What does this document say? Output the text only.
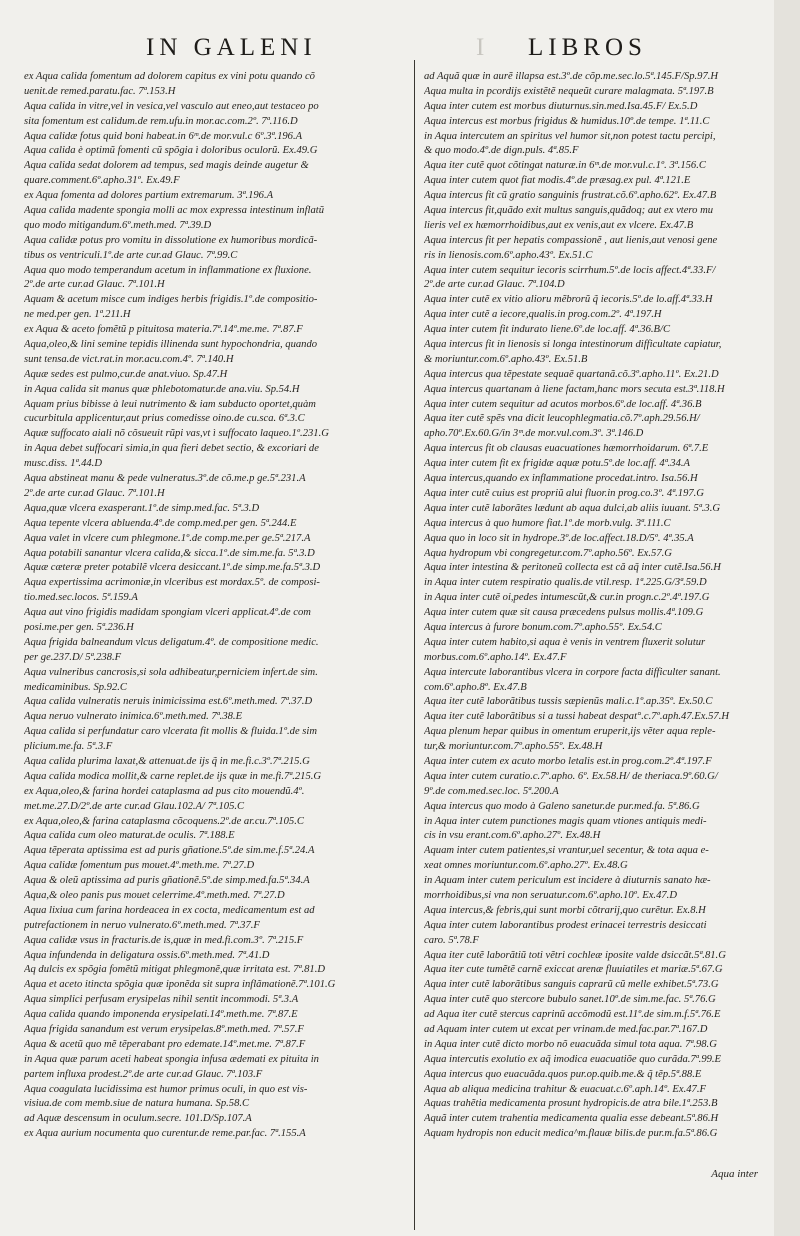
IN GALENI	I LIBROS
ex Aqua calida fomentum ad dolorem capitus ex vini potu quando cõ
uenit.de remed.paratu.fac. 7ª.153.H
Aqua calida in vitre,vel in vesica,vel vasculo aut eneo,aut testaceo po
sita fomentum est calidum.de rem.ufu.in mor.ac.com.2º. 7ª.116.D
Aqua calidæ fotus quid boni habeat.in 6ᵐ.de mor.vul.c 6º.3ª.196.A
Aqua calida è optimũ fomenti cũ spõgia ì doloribus oculorũ. Ex.49.G
Aqua calida sedat dolorem ad tempus, sed magis deinde augetur &
quare.comment.6º.apho.31º. Ex.49.F
ex Aqua fomenta ad dolores partium extremarum. 3ª.196.A
Aqua calida madente spongia molli ac mox expressa intestinum inflatũ
quo modo mitigandum.6º.meth.med. 7ª.39.D
Aqua calidæ potus pro vomitu in dissolutione ex humoribus mordicã-
tibus os ventriculi.1º.de arte cur.ad Glauc. 7ª.99.C
Aqua quo modo temperandum acetum in inflammatione ex fluxione.
2º.de arte cur.ad Glauc. 7ª.101.H
Aquam & acetum misce cum indiges herbis frigidis.1º.de compositio-
ne med.per gen. 1ª.211.H
ex Aqua & aceto fomẽtũ p pituitosa materia.7ª.14º.me.me. 7ª.87.F
Aqua,oleo,& lini semine tepidis illinenda sunt hypochondria, quando
sunt tensa.de vict.rat.in mor.acu.com.4º. 7ª.140.H
Aquæ sedes est pulmo,cur.de anat.viuo. Sp.47.H
in Aqua calida sit manus quæ phlebotomatur.de ana.viu. Sp.54.H
Aquam prius bibisse à leui nutrimento & iam subducto oportet,quàm
cucurbitula applicentur,aut prius comedisse oino.de cu.sca. 6ª.3.C
Aquæ suffocato aiali nõ cõsueuit rũpi vas,vt ì suffocato laqueo.1º.231.G
in Aqua debet suffocari simia,in qua fieri debet sectio, & excoriari de
musc.diss. 1ª.44.D
Aqua abstineat manu & pede vulneratus.3º.de cõ.me.p ge.5ª.231.A
2º.de arte cur.ad Glauc. 7ª.101.H
Aqua,quæ vlcera exasperant.1º.de simp.med.fac. 5ª.3.D
Aqua tepente vlcera abluenda.4º.de comp.med.per gen. 5ª.244.E
Aqua valet in vlcere cum phlegmone.1º.de comp.me.per ge.5ª.217.A
Aqua potabili sanantur vlcera calida,& sicca.1º.de sim.me.fa. 5ª.3.D
Aquæ cæteræ preter potabilẽ vlcera desiccant.1º.de simp.me.fa.5ª.3.D
Aqua expertissima acrimoniæ,in vlceribus est mordax.5º. de composi-
tio.med.sec.locos. 5ª.159.A
Aqua aut vino frigidis madidam spongiam vlceri applicat.4º.de com
posi.me.per gen. 5ª.236.H
Aqua frigida balneandum vlcus deligatum.4º. de compositione medic.
per ge.237.D/ 5ª.238.F
Aqua vulneribus cancrosis,si sola adhibeatur,perniciem infert.de sim.
medicaminibus. Sp.92.C
Aqua calida vulneratis neruis inimicissima est.6º.meth.med. 7ª.37.D
Aqua neruo vulnerato inimica.6º.meth.med. 7ª.38.E
Aqua calida si perfundatur caro vlcerata fit mollis & fluida.1º.de sim
plicium.me.fa. 5ª.3.F
Aqua calida plurima laxat,& attenuat.de ijs q̃ in me.fi.c.3º.7ª.215.G
Aqua calida modica mollit,& carne replet.de ijs quæ in me.fi.7ª.215.G
ex Aqua,oleo,& farina hordei cataplasma ad pus cito mouendũ.4º.
met.me.27.D/2º.de arte cur.ad Glau.102.A/ 7ª.105.C
ex Aqua,oleo,& farina cataplasma cõcoquens.2º.de ar.cu.7ª.105.C
Aqua calida cum oleo maturat.de oculis. 7ª.188.E
Aqua tẽperata aptissima est ad puris gñatione.5º.de sim.me.f.5ª.24.A
Aqua calidæ fomentum pus mouet.4º.meth.me. 7ª.27.D
Aqua & oleũ aptissima ad puris gñationẽ.5º.de simp.med.fa.5ª.34.A
Aqua,& oleo panis pus mouet celerrime.4º.meth.med. 7ª.27.D
Aqua lixiua cum farina hordeacea in ex cocta, medicamentum est ad
putrefactionem in neruo vulnerato.6º.meth.med. 7ª.37.F
Aqua calidæ vsus in fracturis.de is,quæ in med.fi.com.3º. 7ª.215.F
Aqua infundenda in deligatura ossis.6º.meth.med. 7ª.41.D
Aq dulcis ex spõgia fomẽtũ mitigat phlegmonẽ,quæ irritata est. 7ª.81.D
Aqua et aceto itincta spõgia quæ iponẽda sit supra inflãmationẽ.7ª.101.G
Aqua simplici perfusam erysipelas nihil sentit incommodi. 5ª.3.A
Aqua calida quando imponenda erysipelati.14º.meth.me. 7ª.87.E
Aqua frigida sanandum est verum erysipelas.8º.meth.med. 7ª.57.F
Aqua & acetũ quo mẽ tẽperabant pro edemate.14º.met.me. 7ª.87.F
in Aqua quæ parum aceti habeat spongia infusa ædemati ex pituita in
partem influxa prodest.2º.de arte cur.ad Glauc. 7ª.103.F
Aqua coagulata lucidissima est humor primus oculi, in quo est vis-
visiua.de com memb.siue de natura humana. Sp.58.C
ad Aquæ descensum in oculum.secre. 101.D/Sp.107.A
ex Aqua aurium nocumenta quo curentur.de reme.par.fac. 7ª.155.A
ad Aquã quæ in aurẽ illapsa est.3º.de cõp.me.sec.lo.5ª.145.F/Sp.97.H
Aqua multa in pcordijs existẽtẽ nequeũt curare malagmata. 5ª.197.B
Aqua inter cutem est morbus diuturnus.sin.med.Isa.45.F/ Ex.5.D
Aqua intercus est morbus frigidus & humidus.10º.de tempe. 1ª.11.C
in Aqua intercutem an spiritus vel humor sit,non potest tactu percipi,
& quo modo.4º.de dign.puls. 4ª.85.F
Aqua iter cutẽ quot cõtingat naturæ.in 6ᵐ.de mor.vul.c.1º. 3ª.156.C
Aqua inter cutem quot fiat modis.4º.de præsag.ex pul. 4ª.121.E
Aqua intercus fit cũ gratio sanguinis frustrat.cõ.6º.apho.62º. Ex.47.B
Aqua intercus fit,quãdo exit multus sanguis,quãdoq; aut ex vtero mu
lieris vel ex hæmorrhoidibus,aut ex venis,aut ex vlcere. Ex.47.B
Aqua intercus fit per hepatis compassionẽ , aut lienis,aut venosi gene
ris in lienosis.com.6º.apho.43º. Ex.51.C
Aqua inter cutem sequitur iecoris scirrhum.5º.de locis affect.4ª.33.F/
2º.de arte cur.ad Glauc. 7ª.104.D
Aqua inter cutẽ ex vitio alioru mẽbrorũ q̃ iecoris.5º.de lo.aff.4ª.33.H
Aqua inter cutẽ a iecore,qualis.in prog.com.2º. 4ª.197.H
Aqua inter cutem fit indurato liene.6º.de loc.aff. 4ª.36.B/C
Aqua intercus fit in lienosis si longa intestinorum difficultate capiatur,
& moriuntur.com.6º.apho.43º. Ex.51.B
Aqua intercus qua tẽpestate sequaẽ quartanã.cõ.3º.apho.11º. Ex.21.D
Aqua intercus quartanam à liene factam,hanc mors secuta est.3ª.118.H
Aqua inter cutem sequitur ad acutos morbos.6º.de loc.aff. 4ª.36.B
Aqua iter cutẽ spẽs vna dicit leucophlegmatia.cõ.7º.aph.29.56.H/
apho.70º.Ex.60.G/in 3ᵐ.de mor.vul.com.3º. 3ª.146.D
Aqua intercus fit ob clausas euacuationes hæmorrhoidarum. 6ª.7.E
Aqua inter cutem fit ex frigidæ aquæ potu.5º.de loc.aff. 4ª.34.A
Aqua intercus,quando ex inflammatione procedat.intro. Isa.56.H
Aqua inter cutẽ cuius est propriũ alui fluor.in prog.co.3º. 4ª.197.G
Aqua inter cutẽ laborãtes lædunt ab aqua dulci,ab aliis iuuant. 5ª.3.G
Aqua intercus à quo humore fiat.1º.de morb.vulg. 3ª.111.C
Aqua quo in loco sit in hydrope.3º.de loc.affect.18.D/5º. 4ª.35.A
Aqua hydropum vbi congregetur.com.7º.apho.56º. Ex.57.G
Aqua inter intestina & peritoneũ collecta est că aq̃ inter cutẽ.Isa.56.H
in Aqua inter cutem respiratio qualis.de vtil.resp. 1ª.225.G/3ª.59.D
in Aqua inter cutẽ oi,pedes intumescũt,& cur.in progn.c.2º.4ª.197.G
Aqua inter cutem quæ sit causa præcedens pulsus mollis.4ª.109.G
Aqua intercus à furore bonum.com.7º.apho.55º. Ex.54.C
Aqua inter cutem habito,si aqua è venis in ventrem fluxerit solutur
morbus.com.6º.apho.14º. Ex.47.F
Aqua intercute laborantibus vlcera in corpore facta difficulter sanant.
com.6º.apho.8º. Ex.47.B
Aqua iter cutẽ laborãtibus tussis sæpienũs mali.c.1º.ap.35º. Ex.50.C
Aqua iter cutẽ laborãtibus si a tussi habeat despat°.c.7º.aph.47.Ex.57.H
Aqua plenum hepar quibus in omentum eruperit,ijs vẽter aqua reple-
tur,& moriuntur.com.7º.apho.55º. Ex.48.H
Aqua inter cutem ex acuto morbo letalis est.in prog.com.2º.4ª.197.F
Aqua inter cutem curatio.c.7º.apho. 6º. Ex.58.H/ de theriaca.9º.60.G/
9º.de com.med.sec.loc. 5ª.200.A
Aqua intercus quo modo à Galeno sanetur.de pur.med.fa. 5ª.86.G
in Aqua inter cutem punctiones magis quam vtiones antiquis medi-
cis in vsu erant.com.6º.apho.27º. Ex.48.H
Aquam inter cutem patientes,si vrantur,uel secentur, & tota aqua e-
xeat omnes moriuntur.com.6º.apho.27º. Ex.48.G
in Aquam inter cutem periculum est incidere à diuturnis sanato hæ-
morrhoidibus,si vna non seruatur.com.6º.apho.10º. Ex.47.D
Aqua intercus,& febris,qui sunt morbi cõtrarij,quo curẽtur. Ex.8.H
Aqua inter cutem laborantibus prodest erinacei terrestris desiccati
caro. 5ª.78.F
Aqua iter cutẽ laborãtiũ toti vẽtri cochleæ iposite valde dsiccãt.5ª.81.G
Aqua iter cute tumẽtẽ carnẽ exiccat arenæ fluuiatiles et mariæ.5ª.67.G
Aqua inter cutẽ laborãtibus sanguis caprarũ cũ melle exhibet.5ª.73.G
Aqua inter cutẽ quo stercore bubulo sanet.10º.de sim.me.fac. 5ª.76.G
ad Aqua iter cutẽ stercus caprinũ accõmodũ est.11º.de sim.m.f.5ª.76.E
ad Aquam inter cutem ut excat per vrinam.de med.fac.par.7ª.167.D
in Aqua inter cutẽ dicto morbo nõ euacuãda simul tota aqua. 7ª.98.G
Aqua intercutis exolutio ex aq̃ imodica euacuatiõe quo curãda.7ª.99.E
Aqua intercus quo euacuãda.quos pur.op.quib.me.& q̃ tẽp.5ª.88.E
Aqua ab aliqua medicina trahitur & euacuat.c.6º.aph.14º. Ex.47.F
Aquas trahẽtia medicamenta prosunt hydropicis.de atra bile.1ª.253.B
Aquã inter cutem trahentia medicamenta qualia esse debeant.5ª.86.H
Aquam hydropis non educit medica^m.flauæ bilis.de pur.m.fa.5ª.86.G
Aqua inter
